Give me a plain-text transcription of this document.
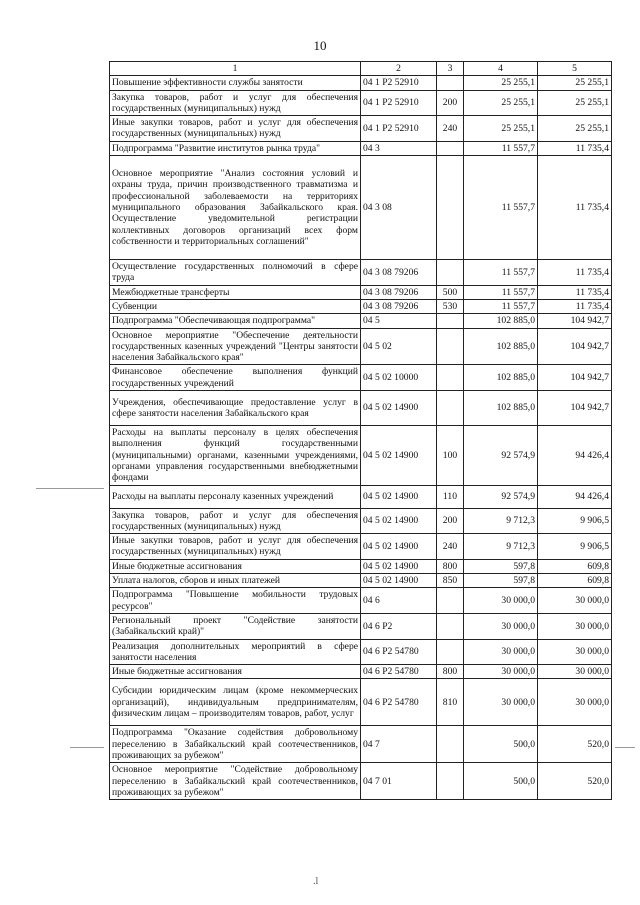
10
1	2	3	4	5
Повышение эффективности службы занятости	04 1 P2 52910		25 255,1	25 255,1
Закупка товаров, работ и услуг для обеспечения государственных (муниципальных) нужд	04 1 P2 52910	200	25 255,1	25 255,1
Иные закупки товаров, работ и услуг для обеспечения государственных (муниципальных) нужд	04 1 P2 52910	240	25 255,1	25 255,1
Подпрограмма "Развитие институтов рынка труда"	04 3		11 557,7	11 735,4
Основное мероприятие "Анализ состояния условий и охраны труда, причин производственного травматизма и профессиональной заболеваемости на территориях муниципального образования Забайкальского края. Осуществление уведомительной регистрации коллективных договоров организаций всех форм собственности и территориальных соглашений"	04 3 08		11 557,7	11 735,4
Осуществление государственных полномочий в сфере труда	04 3 08 79206		11 557,7	11 735,4
Межбюджетные трансферты	04 3 08 79206	500	11 557,7	11 735,4
Субвенции	04 3 08 79206	530	11 557,7	11 735,4
Подпрограмма "Обеспечивающая подпрограмма"	04 5		102 885,0	104 942,7
Основное мероприятие "Обеспечение деятельности государственных казенных учреждений "Центры занятости населения Забайкальского края"	04 5 02		102 885,0	104 942,7
Финансовое обеспечение выполнения функций государственных учреждений	04 5 02 10000		102 885,0	104 942,7
Учреждения, обеспечивающие предоставление услуг в сфере занятости населения Забайкальского края	04 5 02 14900		102 885,0	104 942,7
Расходы на выплаты персоналу в целях обеспечения выполнения функций государственными (муниципальными) органами, казенными учреждениями, органами управления государственными внебюджетными фондами	04 5 02 14900	100	92 574,9	94 426,4
Расходы на выплаты персоналу казенных учреждений	04 5 02 14900	110	92 574,9	94 426,4
Закупка товаров, работ и услуг для обеспечения государственных (муниципальных) нужд	04 5 02 14900	200	9 712,3	9 906,5
Иные закупки товаров, работ и услуг для обеспечения государственных (муниципальных) нужд	04 5 02 14900	240	9 712,3	9 906,5
Иные бюджетные ассигнования	04 5 02 14900	800	597,8	609,8
Уплата налогов, сборов и иных платежей	04 5 02 14900	850	597,8	609,8
Подпрограмма "Повышение мобильности трудовых ресурсов"	04 6		30 000,0	30 000,0
Региональный проект "Содействие занятости (Забайкальский край)"	04 6 P2		30 000,0	30 000,0
Реализация дополнительных мероприятий в сфере занятости населения	04 6 P2 54780		30 000,0	30 000,0
Иные бюджетные ассигнования	04 6 P2 54780	800	30 000,0	30 000,0
Субсидии юридическим лицам (кроме некоммерческих организаций), индивидуальным предпринимателям, физическим лицам – производителям товаров, работ, услуг	04 6 P2 54780	810	30 000,0	30 000,0
Подпрограмма "Оказание содействия добровольному переселению в Забайкальский край соотечественников, проживающих за рубежом"	04 7		500,0	520,0
Основное мероприятие "Содействие добровольному переселению в Забайкальский край соотечественников, проживающих за рубежом"	04 7 01		500,0	520,0
.l
